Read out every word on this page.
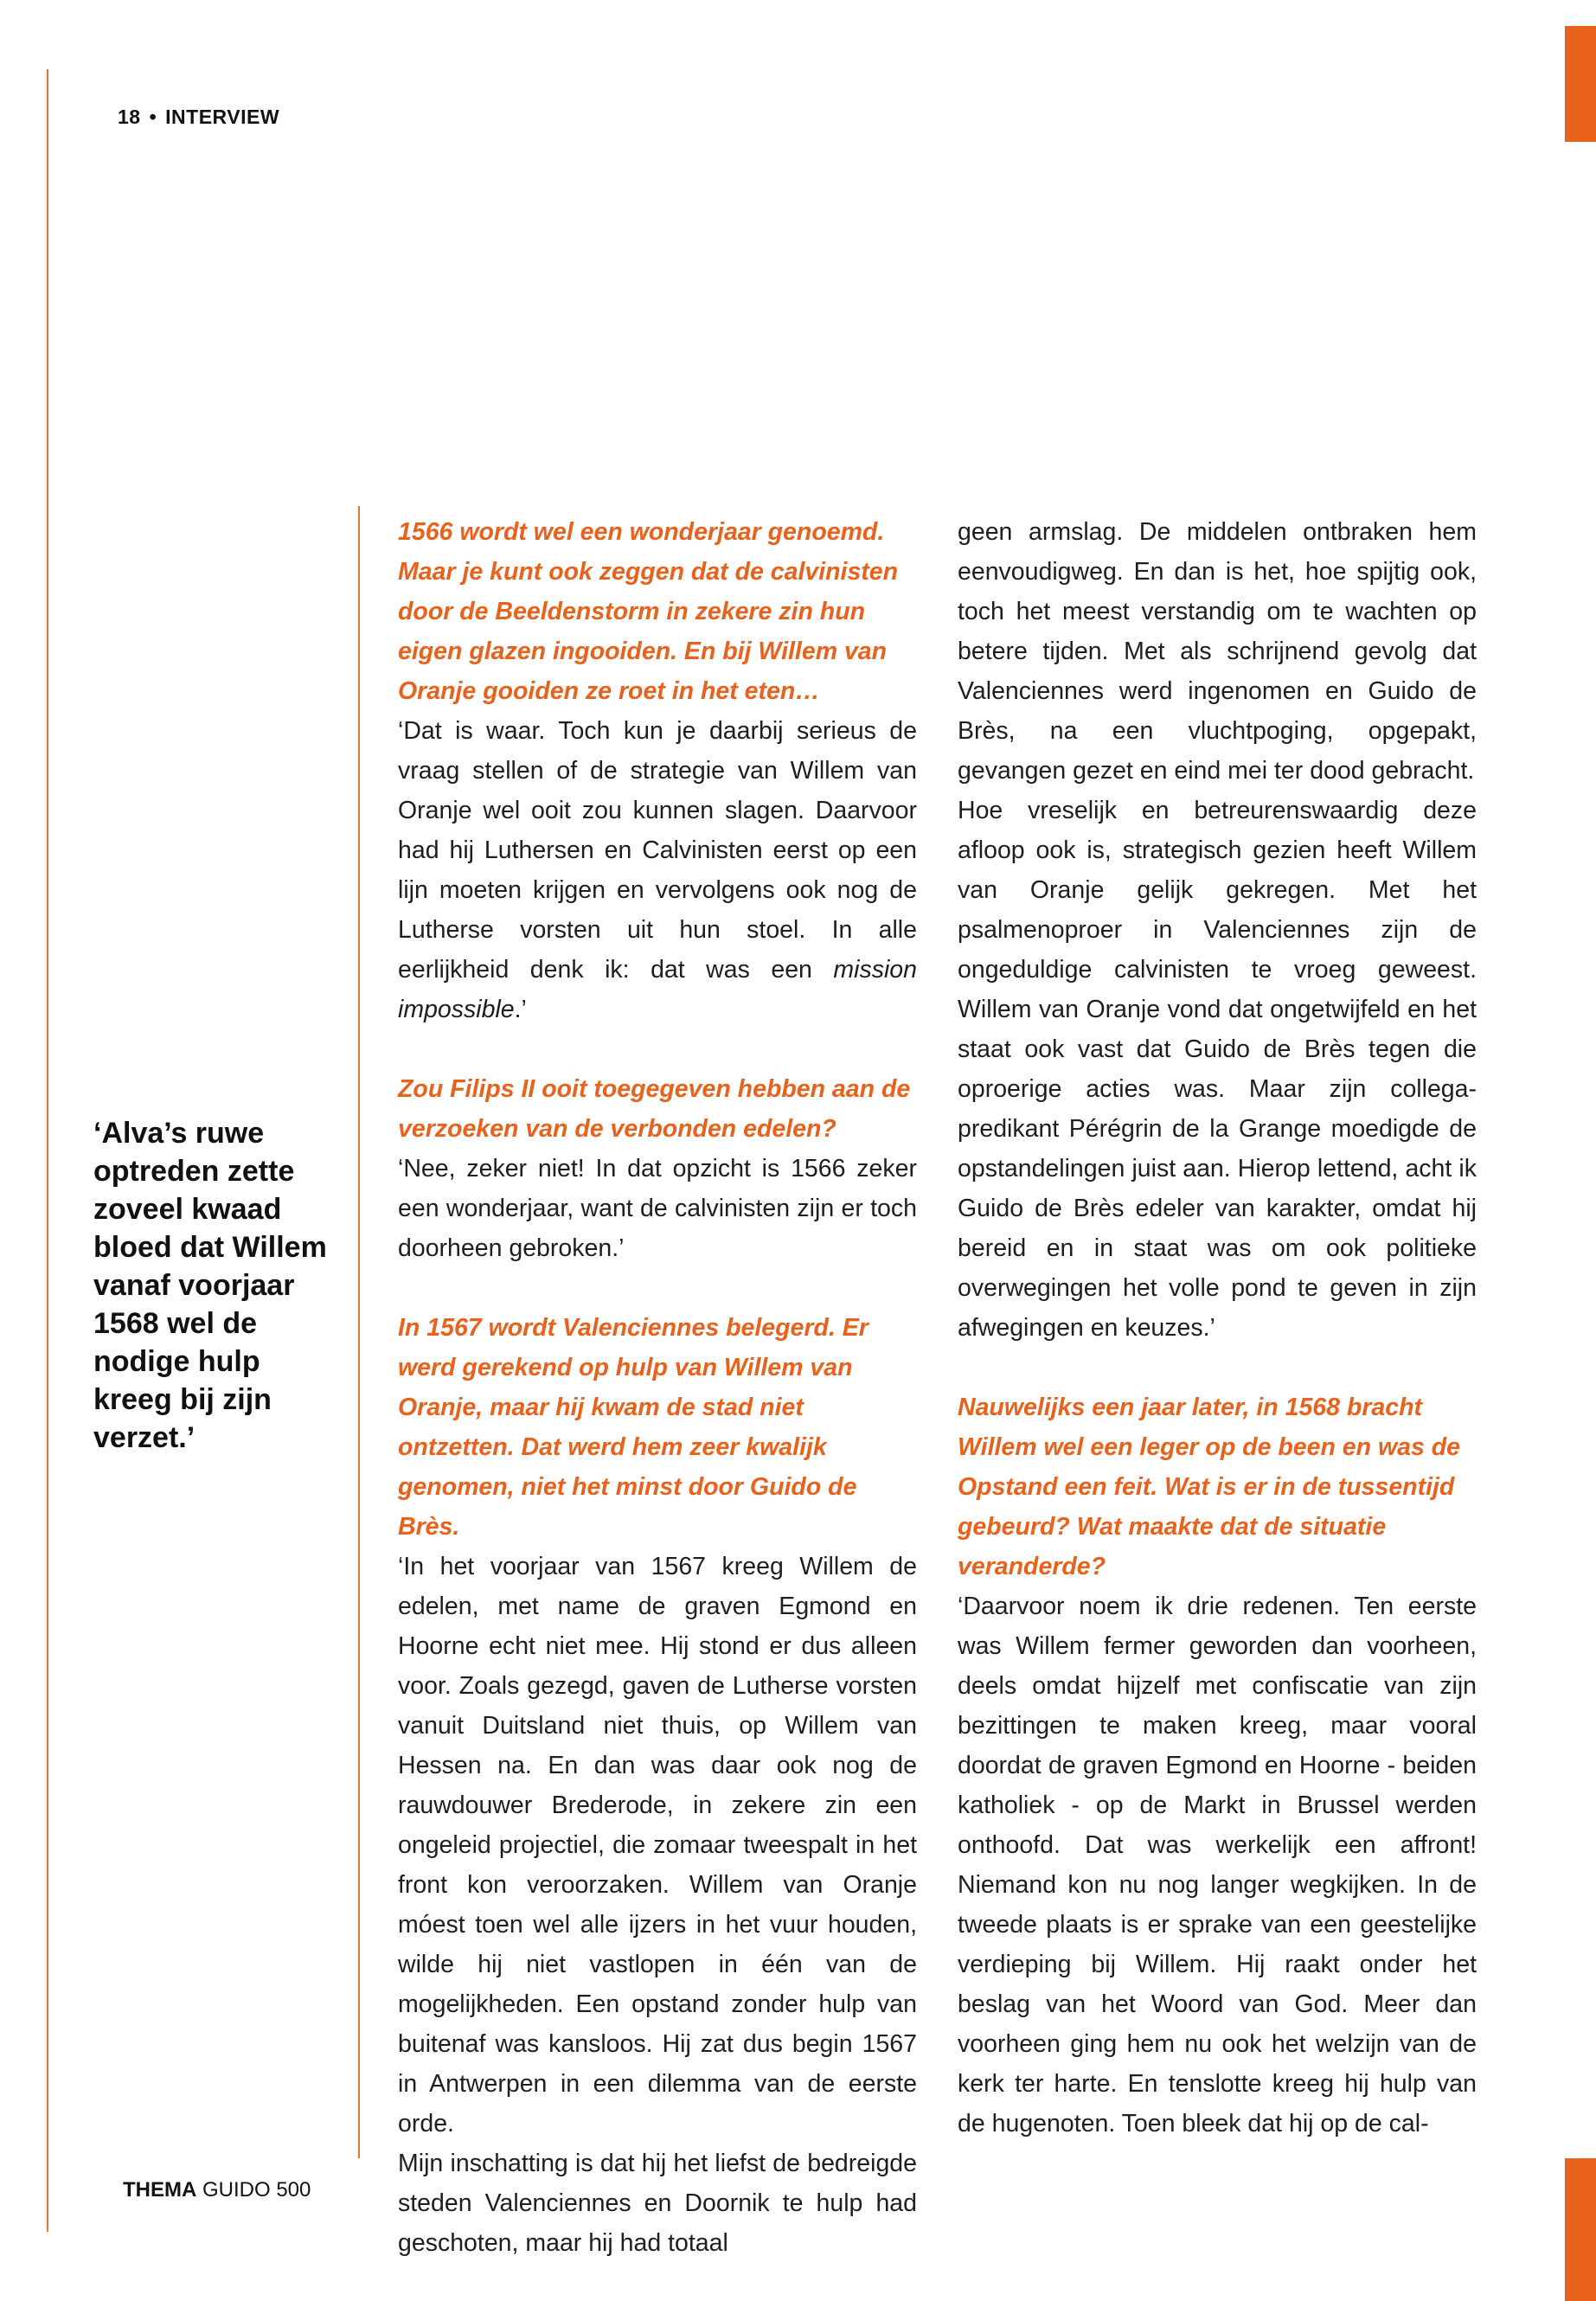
18 • INTERVIEW

‘Alva’s ruwe optreden zette zoveel kwaad bloed dat Willem vanaf voorjaar 1568 wel de nodige hulp kreeg bij zijn verzet.’

1566 wordt wel een wonderjaar genoemd. Maar je kunt ook zeggen dat de calvinisten door de Beeldenstorm in zekere zin hun eigen glazen ingooiden. En bij Willem van Oranje gooiden ze roet in het eten…

‘Dat is waar. Toch kun je daarbij serieus de vraag stellen of de strategie van Willem van Oranje wel ooit zou kunnen slagen. Daarvoor had hij Luthersen en Calvinisten eerst op een lijn moeten krijgen en vervolgens ook nog de Lutherse vorsten uit hun stoel. In alle eerlijkheid denk ik: dat was een mission impossible.’

Zou Filips II ooit toegegeven hebben aan de verzoeken van de verbonden edelen?

‘Nee, zeker niet! In dat opzicht is 1566 zeker een wonderjaar, want de calvinisten zijn er toch doorheen gebroken.’

In 1567 wordt Valenciennes belegerd. Er werd gerekend op hulp van Willem van Oranje, maar hij kwam de stad niet ontzetten. Dat werd hem zeer kwalijk genomen, niet het minst door Guido de Brès.

‘In het voorjaar van 1567 kreeg Willem de edelen, met name de graven Egmond en Hoorne echt niet mee. Hij stond er dus alleen voor. Zoals gezegd, gaven de Lutherse vorsten vanuit Duitsland niet thuis, op Willem van Hessen na. En dan was daar ook nog de rauwdouwer Brederode, in zekere zin een ongeleid projectiel, die zomaar tweespalt in het front kon veroorzaken. Willem van Oranje móest toen wel alle ijzers in het vuur houden, wilde hij niet vastlopen in één van de mogelijkheden. Een opstand zonder hulp van buitenaf was kansloos. Hij zat dus begin 1567 in Antwerpen in een dilemma van de eerste orde.

Mijn inschatting is dat hij het liefst de bedreigde steden Valenciennes en Doornik te hulp had geschoten, maar hij had totaal

geen armslag. De middelen ontbraken hem eenvoudigweg. En dan is het, hoe spijtig ook, toch het meest verstandig om te wachten op betere tijden. Met als schrijnend gevolg dat Valenciennes werd ingenomen en Guido de Brès, na een vluchtpoging, opgepakt, gevangen gezet en eind mei ter dood gebracht.

Hoe vreselijk en betreurenswaardig deze afloop ook is, strategisch gezien heeft Willem van Oranje gelijk gekregen. Met het psalmenoproer in Valenciennes zijn de ongeduldige calvinisten te vroeg geweest. Willem van Oranje vond dat ongetwijfeld en het staat ook vast dat Guido de Brès tegen die oproerige acties was. Maar zijn collega-predikant Pérégrin de la Grange moedigde de opstandelingen juist aan. Hierop lettend, acht ik Guido de Brès edeler van karakter, omdat hij bereid en in staat was om ook politieke overwegingen het volle pond te geven in zijn afwegingen en keuzes.’

Nauwelijks een jaar later, in 1568 bracht Willem wel een leger op de been en was de Opstand een feit. Wat is er in de tussentijd gebeurd? Wat maakte dat de situatie veranderde?

‘Daarvoor noem ik drie redenen. Ten eerste was Willem fermer geworden dan voorheen, deels omdat hijzelf met confiscatie van zijn bezittingen te maken kreeg, maar vooral doordat de graven Egmond en Hoorne - beiden katholiek - op de Markt in Brussel werden onthoofd. Dat was werkelijk een affront! Niemand kon nu nog langer wegkijken. In de tweede plaats is er sprake van een geestelijke verdieping bij Willem. Hij raakt onder het beslag van het Woord van God. Meer dan voorheen ging hem nu ook het welzijn van de kerk ter harte. En tenslotte kreeg hij hulp van de hugenoten. Toen bleek dat hij op de cal-

THEMA GUIDO 500
